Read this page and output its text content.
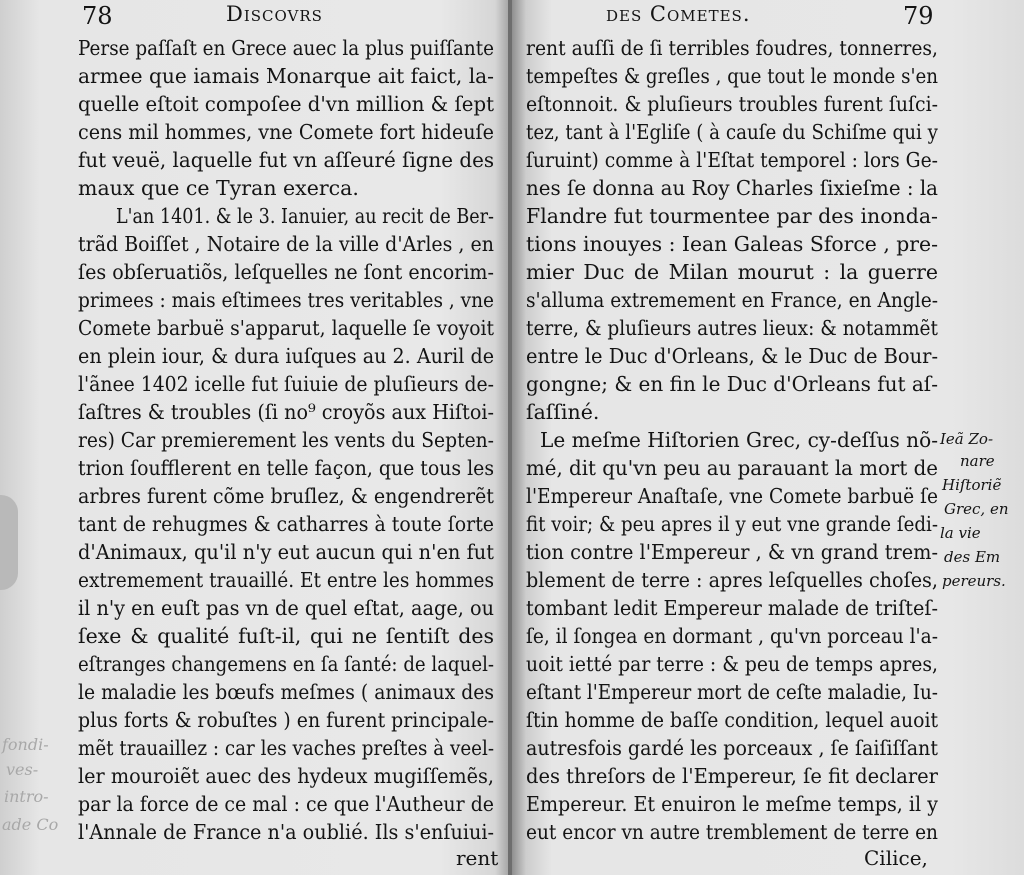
78	Discovrs
fondi-
ves-
intro-
ade Co
Perse paſſaſt en Grece auec la plus puiſſante
armee que iamais Monarque ait faict, la-
quelle eſtoit compoſee d'vn million & ſept
cens mil hommes, vne Comete fort hideuſe
fut veuë, laquelle fut vn aſſeuré ſigne des
maux que ce Tyran exerca.
L'an 1401. & le 3. Ianuier, au recit de Ber-
trãd Boiſſet , Notaire de la ville d'Arles , en
ſes obſeruatiõs, leſquelles ne ſont encorim-
primees : mais eſtimees tres veritables , vne
Comete barbuë s'apparut, laquelle ſe voyoit
en plein iour, & dura iuſques au 2. Auril de
l'ãnee 1402 icelle fut ſuiuie de pluſieurs de-
ſaſtres & troubles (ſi no⁹ croyõs aux Hiſtoi-
res) Car premierement les vents du Septen-
trion ſoufflerent en telle façon, que tous les
arbres furent cõme bruſlez, & engendrerẽt
tant de rehugmes & catharres à toute ſorte
d'Animaux, qu'il n'y eut aucun qui n'en fut
extremement trauaillé. Et entre les hommes
il n'y en euſt pas vn de quel eſtat, aage, ou
ſexe & qualité fuſt-il, qui ne ſentiſt des
eſtranges changemens en ſa ſanté: de laquel-
le maladie les bœufs meſmes ( animaux des
plus forts & robuſtes ) en furent principale-
mẽt trauaillez : car les vaches preſtes à veel-
ler mouroiẽt auec des hydeux mugiſſemẽs,
par la force de ce mal : ce que l'Autheur de
l'Annale de France n'a oublié. Ils s'enſuiui-
rent
des Cometes.	79
rent auſſi de ſi terribles foudres, tonnerres,
tempeſtes & greſles , que tout le monde s'en
eſtonnoit. & pluſieurs troubles furent ſuſci-
tez, tant à l'Egliſe ( à cauſe du Schiſme qui y
ſuruint) comme à l'Eſtat temporel : lors Ge-
nes ſe donna au Roy Charles ſixieſme : la
Flandre fut tourmentee par des inonda-
tions inouyes : Iean Galeas Sforce , pre-
mier Duc de Milan mourut : la guerre
s'alluma extremement en France, en Angle-
terre, & pluſieurs autres lieux: & notammẽt
entre le Duc d'Orleans, & le Duc de Bour-
gongne; & en fin le Duc d'Orleans fut aſ-
ſaſſiné.
Le meſme Hiſtorien Grec, cy-deſſus nõ-
mé, dit qu'vn peu au parauant la mort de
l'Empereur Anaſtaſe, vne Comete barbuë ſe
fit voir; & peu apres il y eut vne grande ſedi-
tion contre l'Empereur , & vn grand trem-
blement de terre : apres leſquelles choſes,
tombant ledit Empereur malade de triſteſ-
ſe, il ſongea en dormant , qu'vn porceau l'a-
uoit ietté par terre : & peu de temps apres,
eſtant l'Empereur mort de ceſte maladie, Iu-
ſtin homme de baſſe condition, lequel auoit
autresfois gardé les porceaux , ſe ſaiſiſſant
des threſors de l'Empereur, ſe fit declarer
Empereur. Et enuiron le meſme temps, il y
eut encor vn autre tremblement de terre en
Cilice,
Ieã Zo-
nare
Hiſtoriẽ
Grec, en
la vie
des Em
pereurs.
